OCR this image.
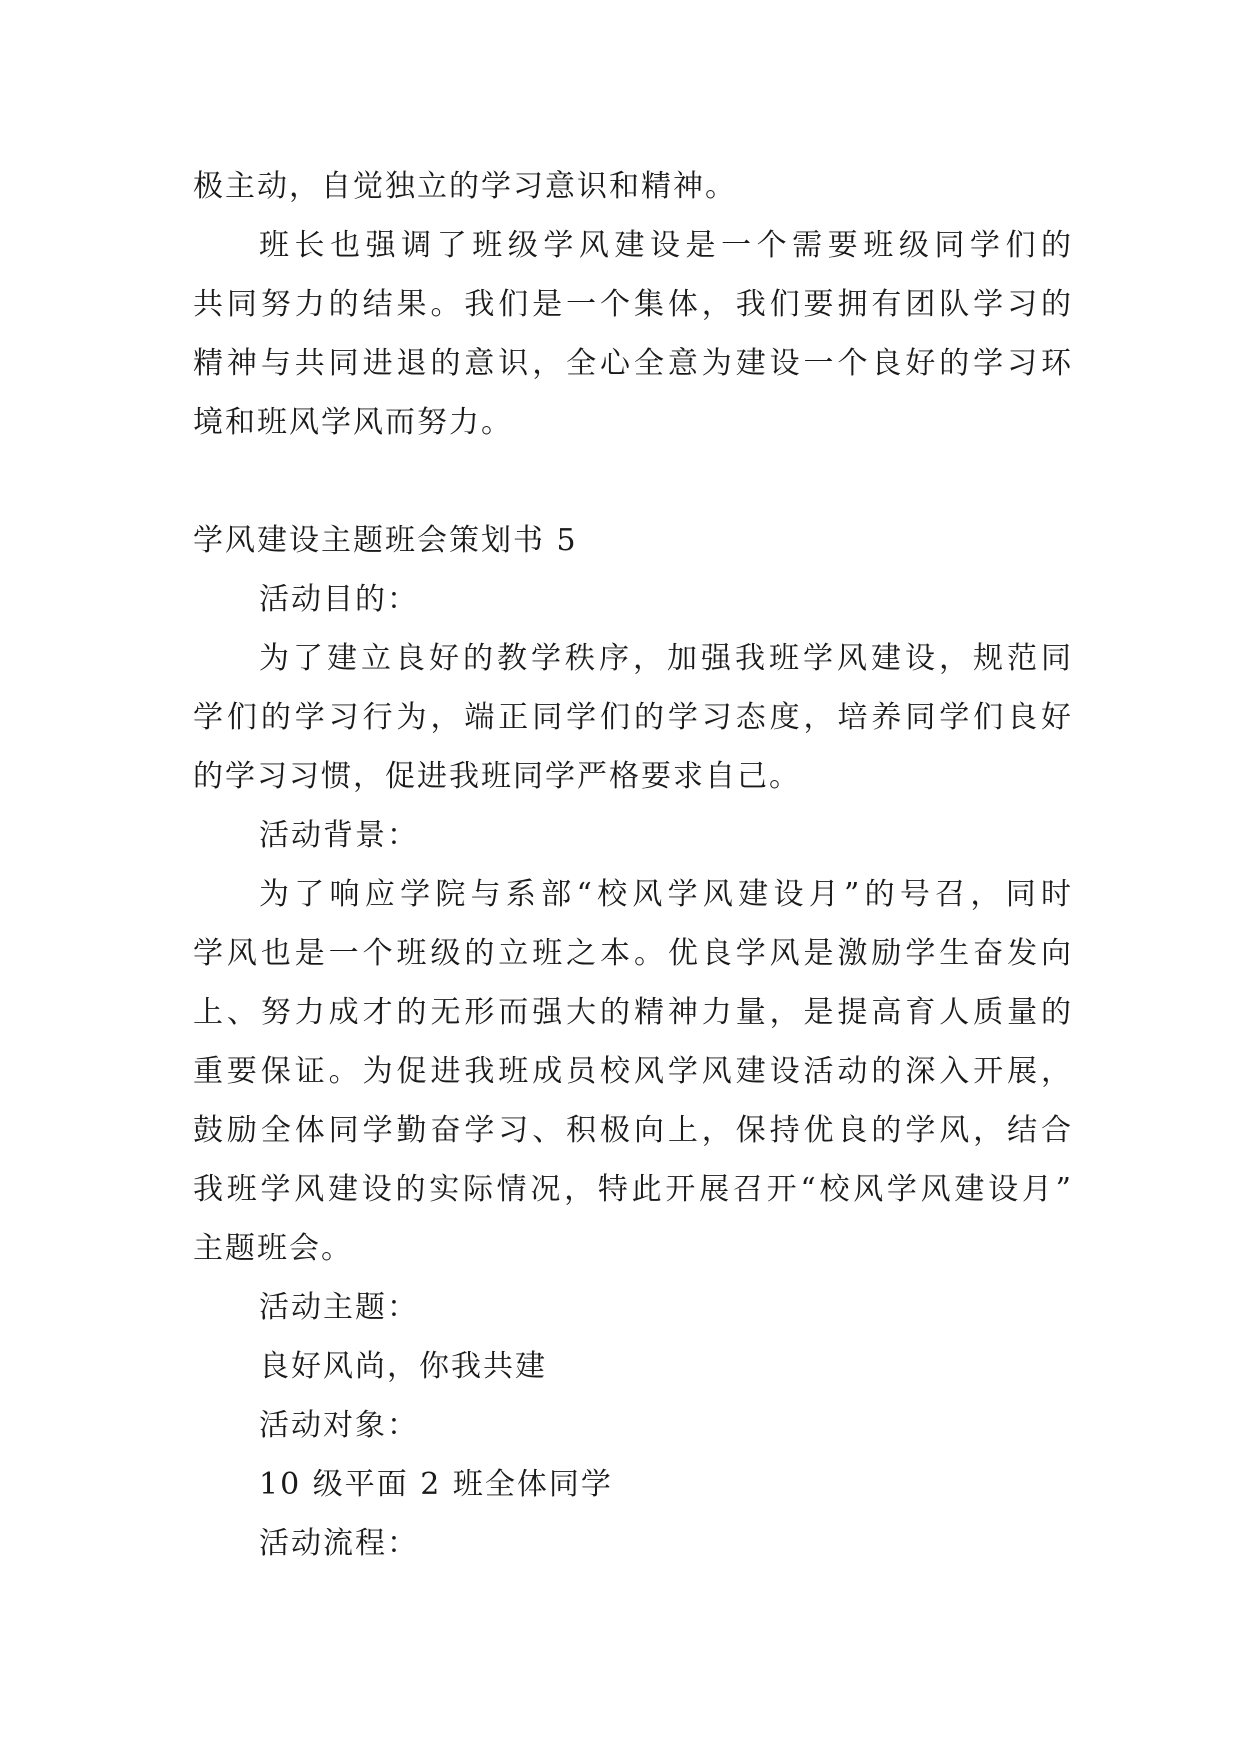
极主动，自觉独立的学习意识和精神。
班长也强调了班级学风建设是一个需要班级同学们的
共同努力的结果。我们是一个集体，我们要拥有团队学习的
精神与共同进退的意识，全心全意为建设一个良好的学习环
境和班风学风而努力。
学风建设主题班会策划书 5
活动目的：
为了建立良好的教学秩序，加强我班学风建设，规范同
学们的学习行为，端正同学们的学习态度，培养同学们良好
的学习习惯，促进我班同学严格要求自己。
活动背景：
为了响应学院与系部“校风学风建设月”的号召，同时
学风也是一个班级的立班之本。优良学风是激励学生奋发向
上、努力成才的无形而强大的精神力量，是提高育人质量的
重要保证。为促进我班成员校风学风建设活动的深入开展，
鼓励全体同学勤奋学习、积极向上，保持优良的学风，结合
我班学风建设的实际情况，特此开展召开“校风学风建设月”
主题班会。
活动主题：
良好风尚，你我共建
活动对象：
10 级平面 2 班全体同学
活动流程：
